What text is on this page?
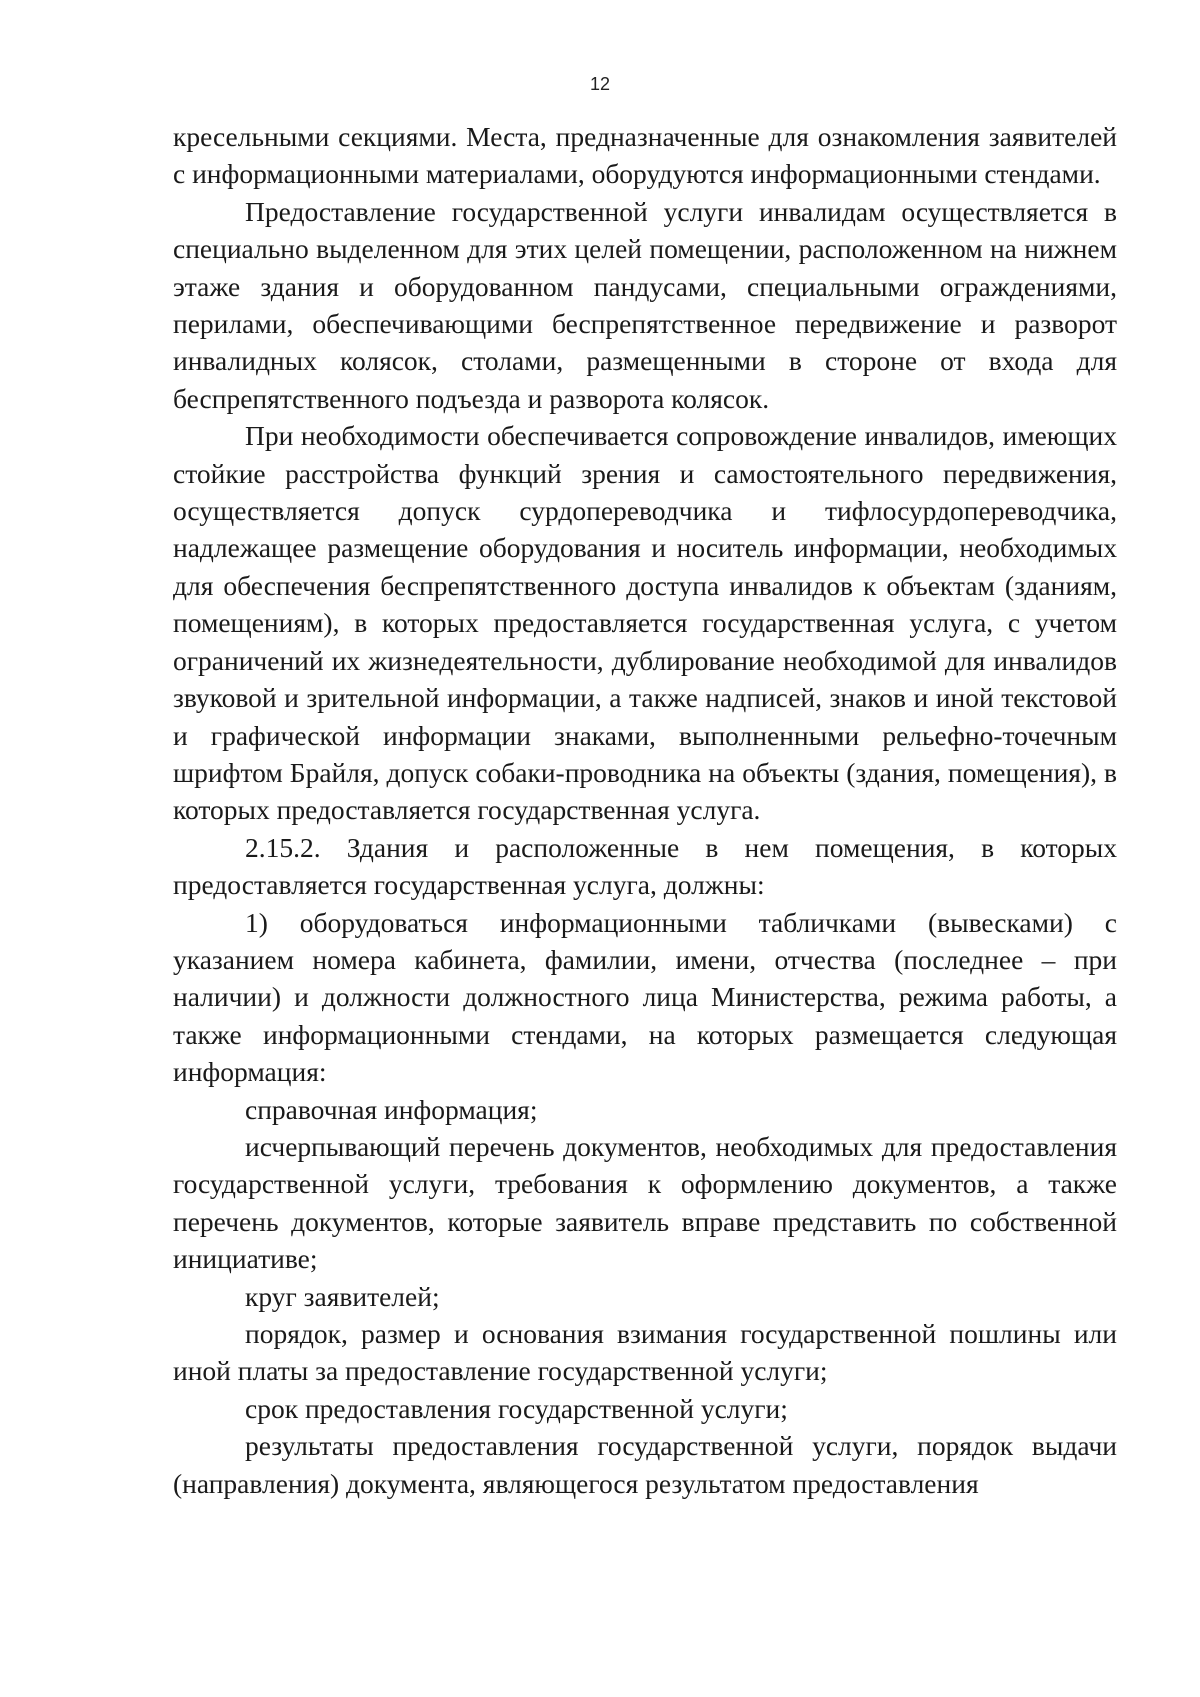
12

кресельными секциями. Места, предназначенные для ознакомления заявителей с информационными материалами, оборудуются информационными стендами.

Предоставление государственной услуги инвалидам осуществляется в специально выделенном для этих целей помещении, расположенном на нижнем этаже здания и оборудованном пандусами, специальными ограждениями, перилами, обеспечивающими беспрепятственное передвижение и разворот инвалидных колясок, столами, размещенными в стороне от входа для беспрепятственного подъезда и разворота колясок.

При необходимости обеспечивается сопровождение инвалидов, имеющих стойкие расстройства функций зрения и самостоятельного передвижения, осуществляется допуск сурдопереводчика и тифлосурдопереводчика, надлежащее размещение оборудования и носитель информации, необходимых для обеспечения беспрепятственного доступа инвалидов к объектам (зданиям, помещениям), в которых предоставляется государственная услуга, с учетом ограничений их жизнедеятельности, дублирование необходимой для инвалидов звуковой и зрительной информации, а также надписей, знаков и иной текстовой и графической информации знаками, выполненными рельефно-точечным шрифтом Брайля, допуск собаки-проводника на объекты (здания, помещения), в которых предоставляется государственная услуга.

2.15.2. Здания и расположенные в нем помещения, в которых предоставляется государственная услуга, должны:

1) оборудоваться информационными табличками (вывесками) с указанием номера кабинета, фамилии, имени, отчества (последнее – при наличии) и должности должностного лица Министерства, режима работы, а также информационными стендами, на которых размещается следующая информация:

справочная информация;

исчерпывающий перечень документов, необходимых для предоставления государственной услуги, требования к оформлению документов, а также перечень документов, которые заявитель вправе представить по собственной инициативе;

круг заявителей;

порядок, размер и основания взимания государственной пошлины или иной платы за предоставление государственной услуги;

срок предоставления государственной услуги;

результаты предоставления государственной услуги, порядок выдачи (направления) документа, являющегося результатом предоставления
